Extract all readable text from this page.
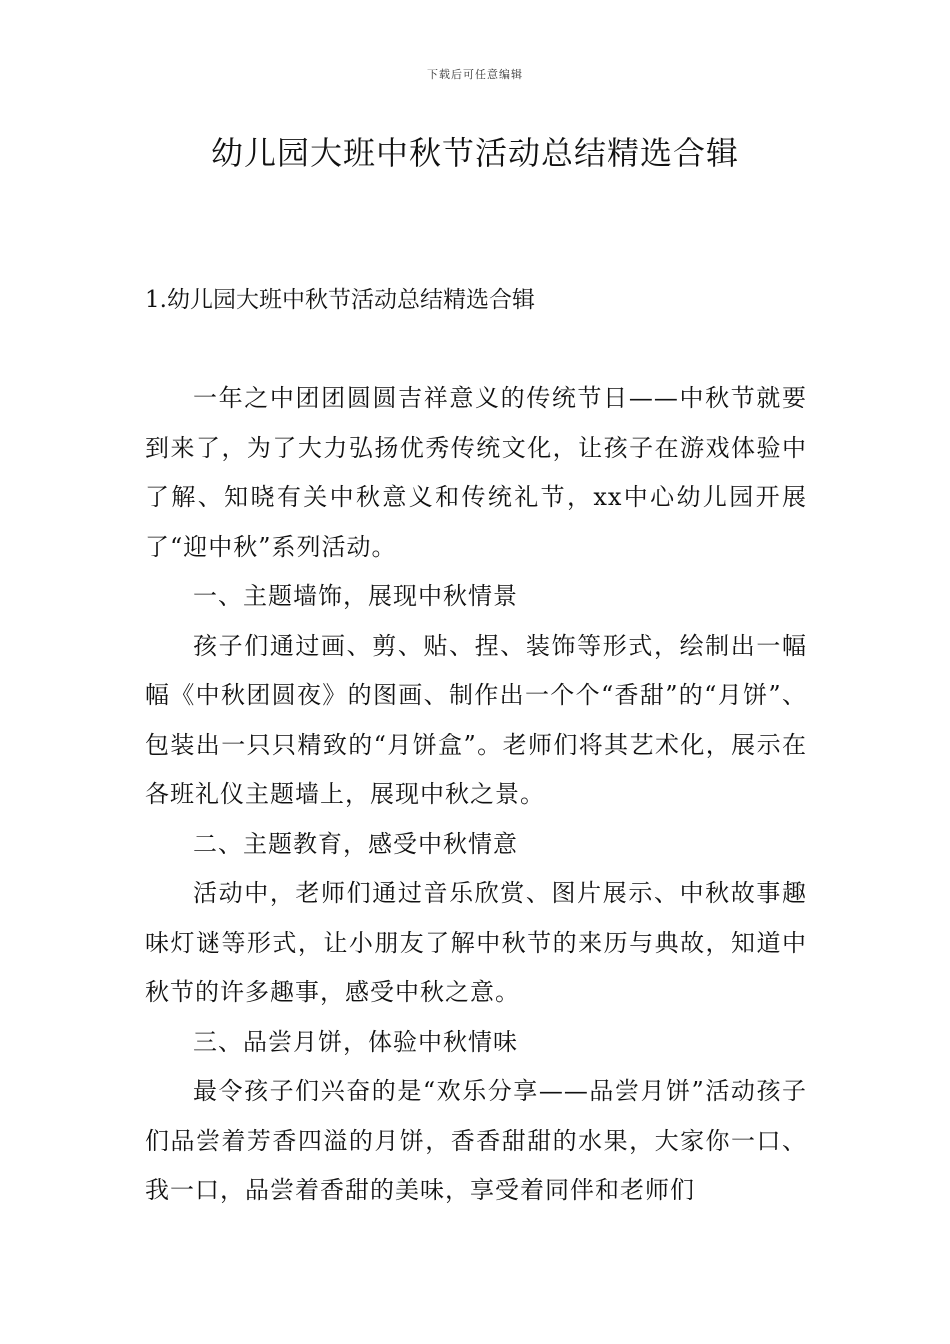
下载后可任意编辑
幼儿园大班中秋节活动总结精选合辑
1.幼儿园大班中秋节活动总结精选合辑

一年之中团团圆圆吉祥意义的传统节日——中秋节就要到来了，为了大力弘扬优秀传统文化，让孩子在游戏体验中了解、知晓有关中秋意义和传统礼节，xx中心幼儿园开展了“迎中秋”系列活动。

一、主题墙饰，展现中秋情景

孩子们通过画、剪、贴、捏、装饰等形式，绘制出一幅幅《中秋团圆夜》的图画、制作出一个个“香甜”的“月饼”、包装出一只只精致的“月饼盒”。老师们将其艺术化，展示在各班礼仪主题墙上，展现中秋之景。

二、主题教育，感受中秋情意

活动中，老师们通过音乐欣赏、图片展示、中秋故事趣味灯谜等形式，让小朋友了解中秋节的来历与典故，知道中秋节的许多趣事，感受中秋之意。

三、品尝月饼，体验中秋情味

最令孩子们兴奋的是“欢乐分享——品尝月饼”活动孩子们品尝着芳香四溢的月饼，香香甜甜的水果，大家你一口、我一口，品尝着香甜的美味，享受着同伴和老师们
